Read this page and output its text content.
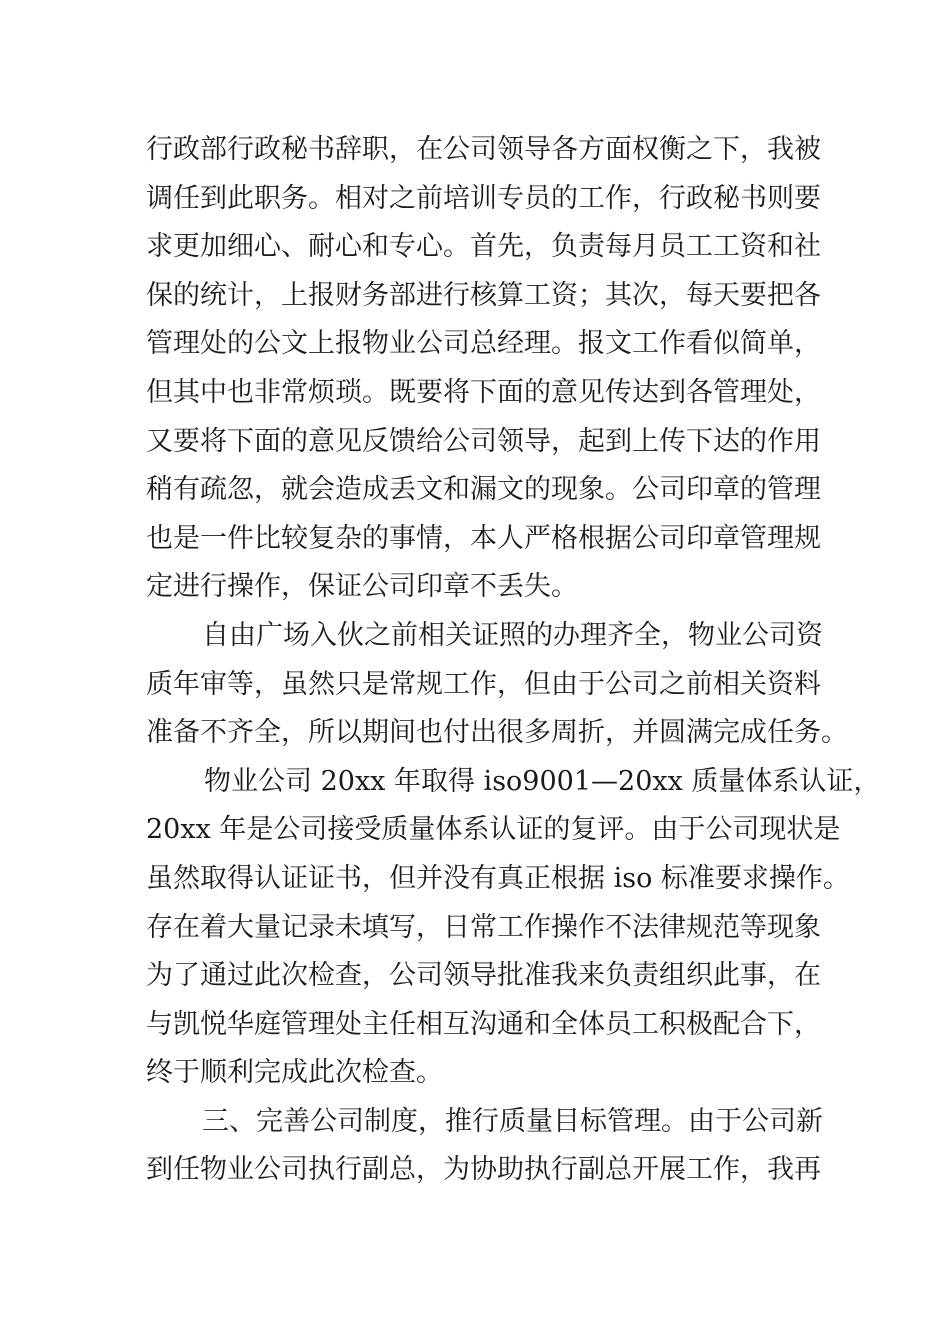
行政部行政秘书辞职，在公司领导各方面权衡之下，我被
调任到此职务。相对之前培训专员的工作，行政秘书则要
求更加细心、耐心和专心。首先，负责每月员工工资和社
保的统计，上报财务部进行核算工资；其次，每天要把各
管理处的公文上报物业公司总经理。报文工作看似简单，
但其中也非常烦琐。既要将下面的意见传达到各管理处，
又要将下面的意见反馈给公司领导，起到上传下达的作用
稍有疏忽，就会造成丢文和漏文的现象。公司印章的管理
也是一件比较复杂的事情，本人严格根据公司印章管理规
定进行操作，保证公司印章不丢失。
自由广场入伙之前相关证照的办理齐全，物业公司资
质年审等，虽然只是常规工作，但由于公司之前相关资料
准备不齐全，所以期间也付出很多周折，并圆满完成任务。
物业公司 20xx 年取得 iso9001—20xx 质量体系认证，
20xx 年是公司接受质量体系认证的复评。由于公司现状是
虽然取得认证证书，但并没有真正根据 iso 标准要求操作。
存在着大量记录未填写，日常工作操作不法律规范等现象
为了通过此次检查，公司领导批准我来负责组织此事，在
与凯悦华庭管理处主任相互沟通和全体员工积极配合下，
终于顺利完成此次检查。
三、完善公司制度，推行质量目标管理。由于公司新
到任物业公司执行副总，为协助执行副总开展工作，我再
